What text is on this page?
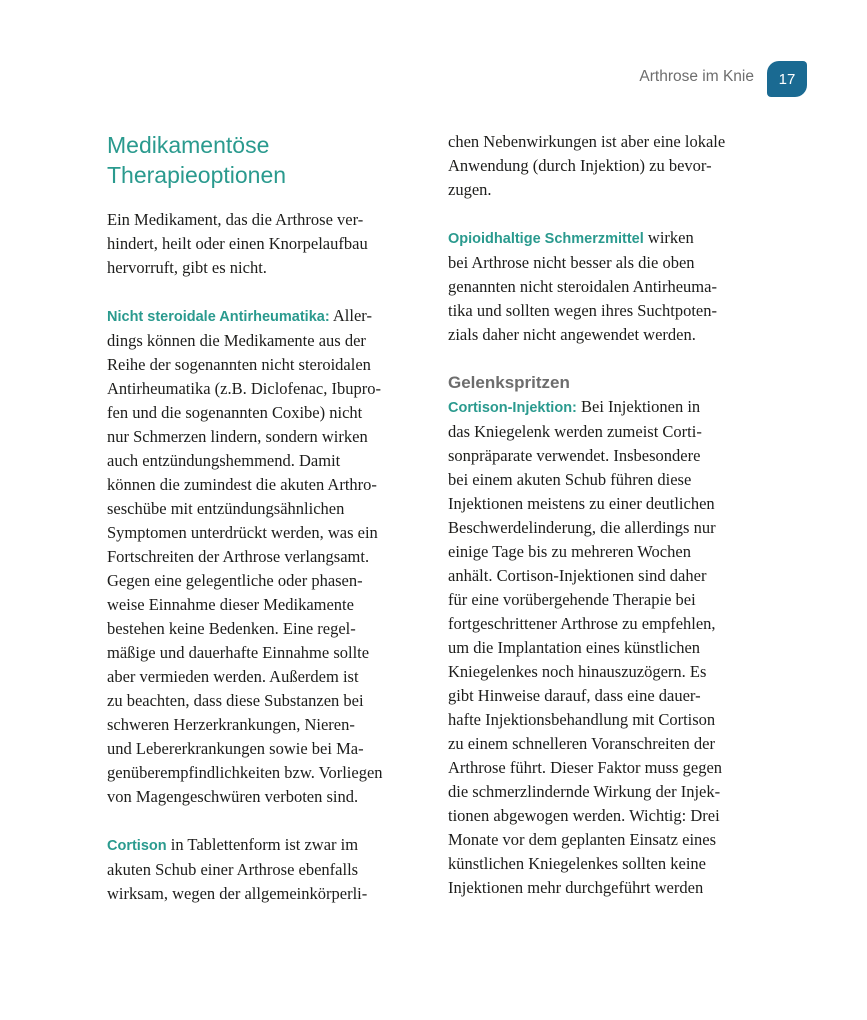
Arthrose im Knie	17
Medikamentöse
Therapieoptionen

Ein Medikament, das die Arthrose ver-
hindert, heilt oder einen Knorpelaufbau
hervorruft, gibt es nicht.

Nicht steroidale Antirheumatika: Aller-
dings können die Medikamente aus der
Reihe der sogenannten nicht steroidalen
Antirheumatika (z.B. Diclofenac, Ibupro-
fen und die sogenannten Coxibe) nicht
nur Schmerzen lindern, sondern wirken
auch entzündungshemmend. Damit
können die zumindest die akuten Arthro-
seschübe mit entzündungsähnlichen
Symptomen unterdrückt werden, was ein
Fortschreiten der Arthrose verlangsamt.
Gegen eine gelegentliche oder phasen-
weise Einnahme dieser Medikamente
bestehen keine Bedenken. Eine regel-
mäßige und dauerhafte Einnahme sollte
aber vermieden werden. Außerdem ist
zu beachten, dass diese Substanzen bei
schweren Herzerkrankungen, Nieren-
und Lebererkrankungen sowie bei Ma-
genüberempfindlichkeiten bzw. Vorliegen
von Magengeschwüren verboten sind.

Cortison in Tablettenform ist zwar im
akuten Schub einer Arthrose ebenfalls
wirksam, wegen der allgemeinkörperli-

chen Nebenwirkungen ist aber eine lokale
Anwendung (durch Injektion) zu bevor-
zugen.

Opioidhaltige Schmerzmittel wirken
bei Arthrose nicht besser als die oben
genannten nicht steroidalen Antirheuma-
tika und sollten wegen ihres Suchtpoten-
zials daher nicht angewendet werden.

Gelenkspritzen

Cortison-Injektion: Bei Injektionen in
das Kniegelenk werden zumeist Corti-
sonpräparate verwendet. Insbesondere
bei einem akuten Schub führen diese
Injektionen meistens zu einer deutlichen
Beschwerdelinderung, die allerdings nur
einige Tage bis zu mehreren Wochen
anhält. Cortison-Injektionen sind daher
für eine vorübergehende Therapie bei
fortgeschrittener Arthrose zu empfehlen,
um die Implantation eines künstlichen
Kniegelenkes noch hinauszuzögern. Es
gibt Hinweise darauf, dass eine dauer-
hafte Injektionsbehandlung mit Cortison
zu einem schnelleren Voranschreiten der
Arthrose führt. Dieser Faktor muss gegen
die schmerzlindernde Wirkung der Injek-
tionen abgewogen werden. Wichtig: Drei
Monate vor dem geplanten Einsatz eines
künstlichen Kniegelenkes sollten keine
Injektionen mehr durchgeführt werden
